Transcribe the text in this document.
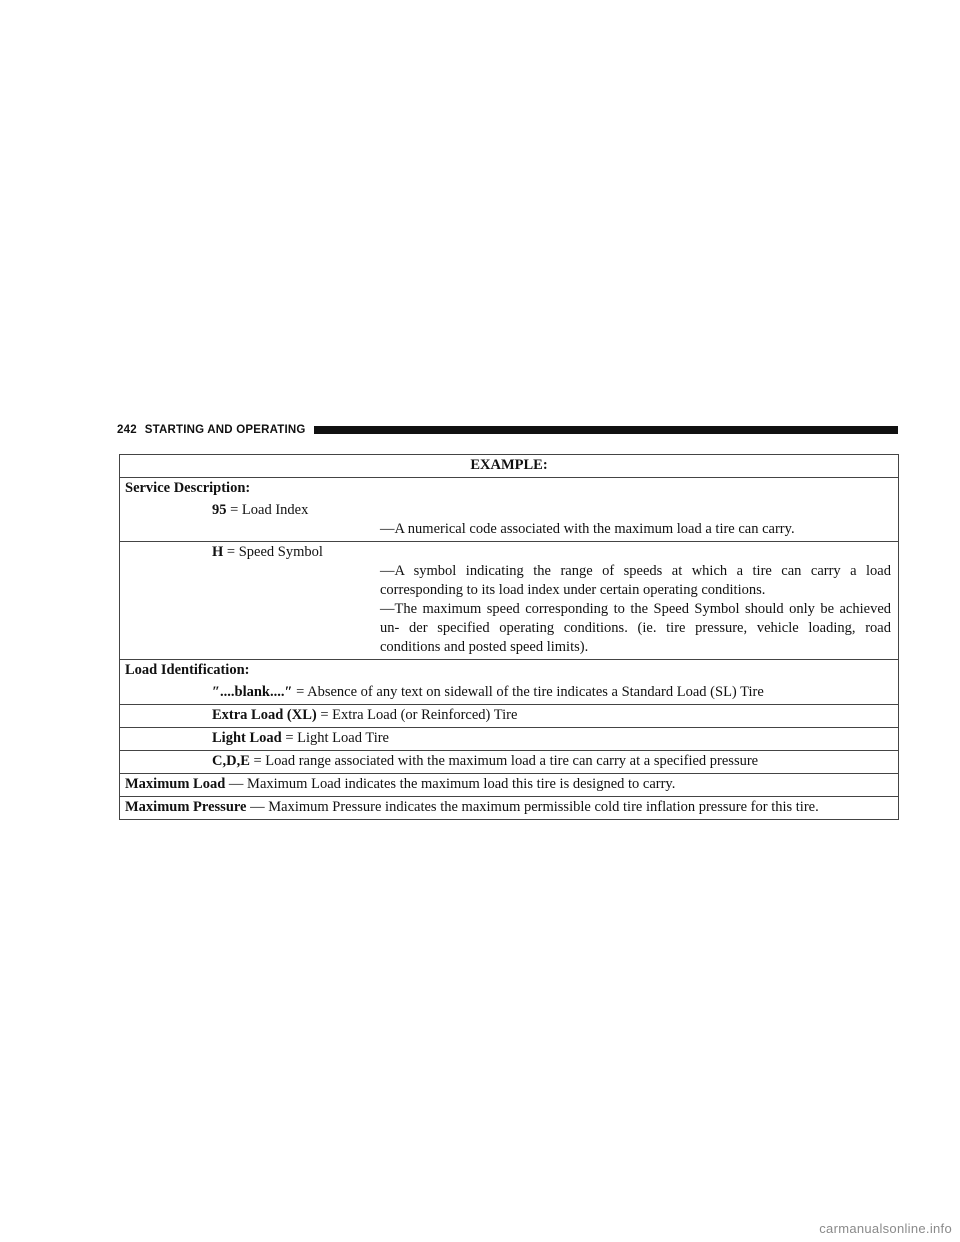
242 STARTING AND OPERATING
EXAMPLE:
Service Description:
95 = Load Index
—A numerical code associated with the maximum load a tire can carry.
H = Speed Symbol
—A symbol indicating the range of speeds at which a tire can carry a load corresponding to its load index under certain operating conditions.
—The maximum speed corresponding to the Speed Symbol should only be achieved un- der specified operating conditions. (ie. tire pressure, vehicle loading, road conditions and posted speed limits).
Load Identification:
″....blank....″ = Absence of any text on sidewall of the tire indicates a Standard Load (SL) Tire
Extra Load (XL) = Extra Load (or Reinforced) Tire
Light Load = Light Load Tire
C,D,E = Load range associated with the maximum load a tire can carry at a specified pressure
Maximum Load — Maximum Load indicates the maximum load this tire is designed to carry.
Maximum Pressure — Maximum Pressure indicates the maximum permissible cold tire inflation pressure for this tire.
carmanualsonline.info
